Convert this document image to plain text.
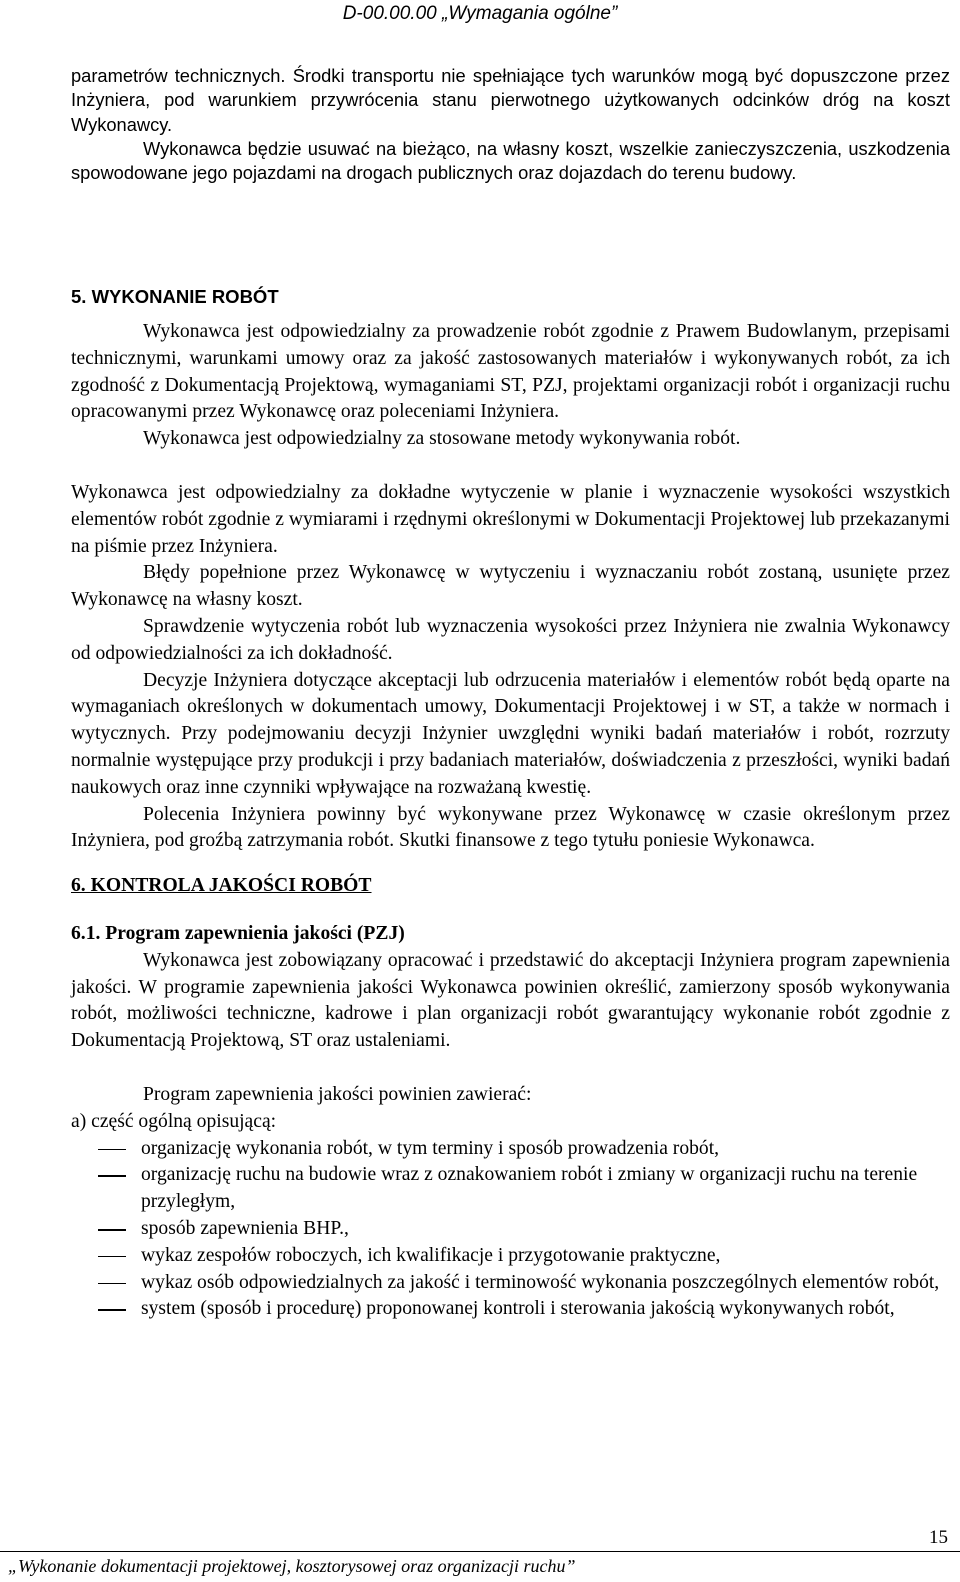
D-00.00.00 „Wymagania ogólne”

parametrów technicznych. Środki transportu nie spełniające tych warunków mogą być dopuszczone przez Inżyniera, pod warunkiem przywrócenia stanu pierwotnego użytkowanych odcinków dróg na koszt Wykonawcy.

Wykonawca będzie usuwać na bieżąco, na własny koszt, wszelkie zanieczyszczenia, uszkodzenia spowodowane jego pojazdami na drogach publicznych oraz dojazdach do terenu budowy.

5. WYKONANIE ROBÓT

Wykonawca jest odpowiedzialny za prowadzenie robót zgodnie z Prawem Budowlanym, przepisami technicznymi, warunkami umowy oraz za jakość zastosowanych materiałów i wykonywanych robót, za ich zgodność z Dokumentacją Projektową, wymaganiami ST, PZJ, projektami organizacji robót i organizacji ruchu opracowanymi przez Wykonawcę oraz poleceniami Inżyniera.

Wykonawca jest odpowiedzialny za stosowane metody wykonywania robót.

Wykonawca jest odpowiedzialny za dokładne wytyczenie w planie i wyznaczenie wysokości wszystkich elementów robót zgodnie z wymiarami i rzędnymi określonymi w Dokumentacji Projektowej lub przekazanymi na piśmie przez Inżyniera.

Błędy popełnione przez Wykonawcę w wytyczeniu i wyznaczaniu robót zostaną, usunięte przez Wykonawcę na własny koszt.

Sprawdzenie wytyczenia robót lub wyznaczenia wysokości przez Inżyniera nie zwalnia Wykonawcy od odpowiedzialności za ich dokładność.

Decyzje Inżyniera dotyczące akceptacji lub odrzucenia materiałów i elementów robót będą oparte na wymaganiach określonych w dokumentach umowy, Dokumentacji Projektowej i w ST, a także w normach i wytycznych. Przy podejmowaniu decyzji Inżynier uwzględni wyniki badań materiałów i robót, rozrzuty normalnie występujące przy produkcji i przy badaniach materiałów, doświadczenia z przeszłości, wyniki badań naukowych oraz inne czynniki wpływające na rozważaną kwestię.

Polecenia Inżyniera powinny być wykonywane przez Wykonawcę w czasie określonym przez Inżyniera, pod groźbą zatrzymania robót. Skutki finansowe z tego tytułu poniesie Wykonawca.

6. KONTROLA JAKOŚCI ROBÓT

6.1. Program zapewnienia jakości (PZJ)

Wykonawca jest zobowiązany opracować i przedstawić do akceptacji Inżyniera program zapewnienia jakości. W programie zapewnienia jakości Wykonawca powinien określić, zamierzony sposób wykonywania robót, możliwości techniczne, kadrowe i plan organizacji robót gwarantujący wykonanie robót zgodnie z Dokumentacją Projektową, ST oraz ustaleniami.

Program zapewnienia jakości powinien zawierać:

a) część ogólną opisującą:

organizację wykonania robót, w tym terminy i sposób prowadzenia robót,
organizację ruchu na budowie wraz z oznakowaniem robót i zmiany w organizacji ruchu na terenie przyległym,
sposób zapewnienia BHP.,
wykaz zespołów roboczych, ich kwalifikacje i przygotowanie praktyczne,
wykaz osób odpowiedzialnych za jakość i terminowość wykonania poszczególnych elementów robót,
system (sposób i procedurę) proponowanej kontroli i sterowania jakością wykonywanych robót,
15
„Wykonanie dokumentacji projektowej, kosztorysowej oraz organizacji ruchu”
